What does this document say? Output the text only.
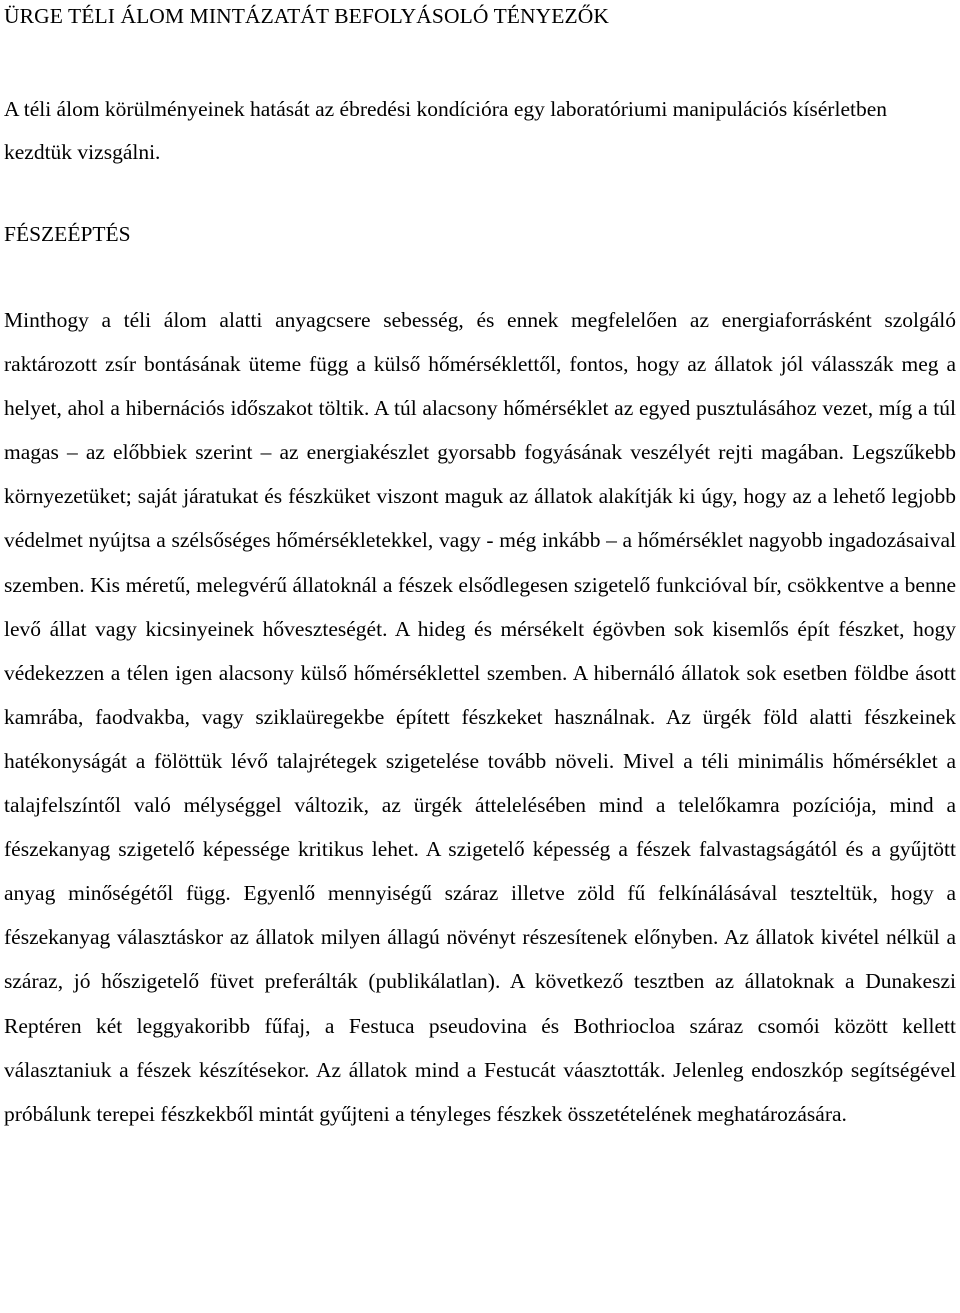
ÜRGE TÉLI ÁLOM MINTÁZATÁT BEFOLYÁSOLÓ TÉNYEZŐK

A téli álom körülményeinek hatását az ébredési kondícióra egy laboratóriumi manipulációs kísérletben kezdtük vizsgálni.

FÉSZEÉPTÉS

Minthogy a téli álom alatti anyagcsere sebesség, és ennek megfelelően az energiaforrásként szolgáló raktározott zsír bontásának üteme függ a külső hőmérséklettől, fontos, hogy az állatok jól válasszák meg a helyet, ahol a hibernációs időszakot töltik. A túl alacsony hőmérséklet az egyed pusztulásához vezet, míg a túl magas – az előbbiek szerint – az energiakészlet gyorsabb fogyásának veszélyét rejti magában. Legszűkebb környezetüket; saját járatukat és fészküket viszont maguk az állatok alakítják ki úgy, hogy az a lehető legjobb védelmet nyújtsa a szélsőséges hőmérsékletekkel, vagy - még inkább – a hőmérséklet nagyobb ingadozásaival szemben. Kis méretű, melegvérű állatoknál a fészek elsődlegesen szigetelő funkcióval bír, csökkentve a benne levő állat vagy kicsinyeinek hőveszteségét. A hideg és mérsékelt égövben sok kisemlős épít fészket, hogy védekezzen a télen igen alacsony külső hőmérséklettel szemben. A hibernáló állatok sok esetben földbe ásott kamrába, faodvakba, vagy sziklaüregekbe épített fészkeket használnak. Az ürgék föld alatti fészkeinek hatékonyságát a fölöttük lévő talajrétegek szigetelése tovább növeli. Mivel a téli minimális hőmérséklet a talajfelszíntől való mélységgel változik, az ürgék áttelelésében mind a telelőkamra pozíciója, mind a fészekanyag szigetelő képessége kritikus lehet. A szigetelő képesség a fészek falvastagságától és a gyűjtött anyag minőségétől függ. Egyenlő mennyiségű száraz illetve zöld fű felkínálásával teszteltük, hogy a fészekanyag választáskor az állatok milyen állagú növényt részesítenek előnyben. Az állatok kivétel nélkül a száraz, jó hőszigetelő füvet preferálták (publikálatlan). A következő tesztben az állatoknak a Dunakeszi Reptéren két leggyakoribb fűfaj, a Festuca pseudovina és Bothriocloa száraz csomói között kellett választaniuk a fészek készítésekor. Az állatok mind a Festucát váasztották. Jelenleg endoszkóp segítségével próbálunk terepei fészkekből mintát gyűjteni a tényleges fészkek összetételének meghatározására.
